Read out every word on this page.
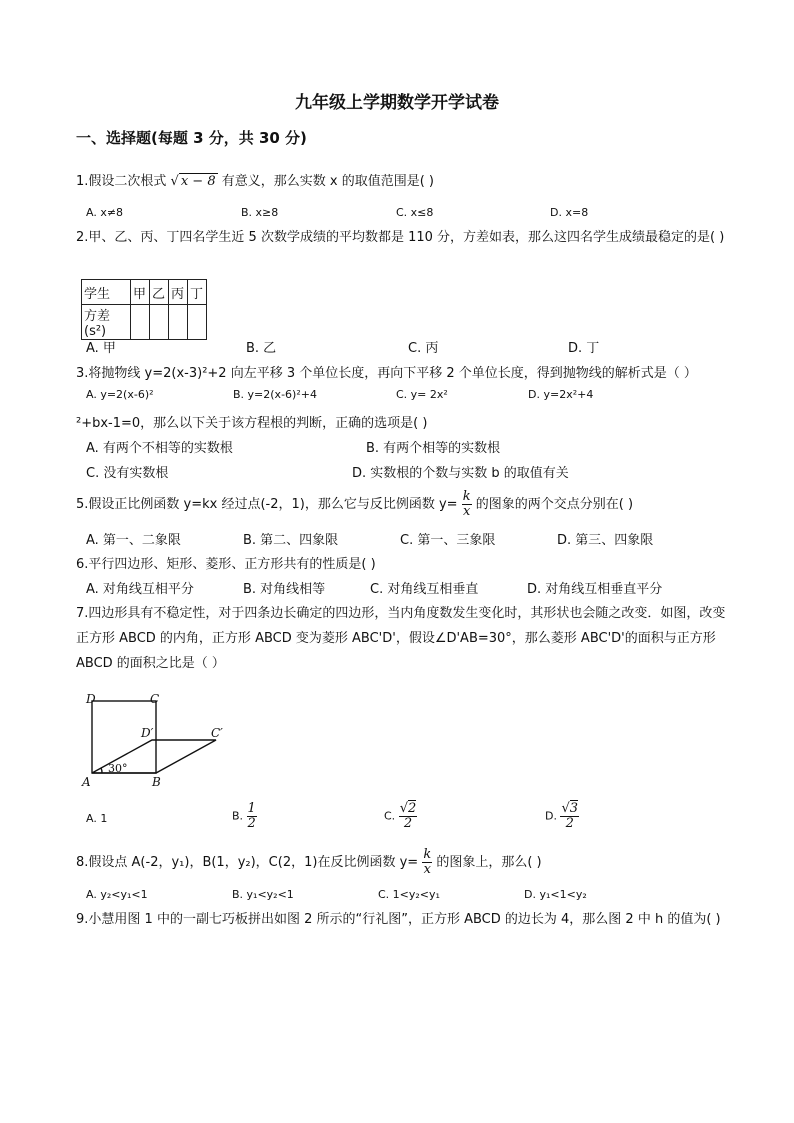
九年级上学期数学开学试卷
一、选择题(每题 3 分，共 30 分)
1.假设二次根式 √ x − 8 有意义，那么实数 x 的取值范围是( )
A. x≠8	B. x≥8	C. x≤8	D. x=8
2.甲、乙、丙、丁四名学生近 5 次数学成绩的平均数都是 110 分，方差如表，那么这四名学生成绩最稳定的是( )
学生	甲	乙	丙	丁
方差(s²)				
A. 甲	B. 乙	C. 丙	D. 丁
3.将抛物线 y=2(x-3)²+2 向左平移 3 个单位长度，再向下平移 2 个单位长度，得到抛物线的解析式是（ ）
A. y=2(x-6)²	B. y=2(x-6)²+4	C. y= 2x²	D. y=2x²+4
²+bx-1=0，那么以下关于该方程根的判断，正确的选项是( )
A. 有两个不相等的实数根	B. 有两个相等的实数根
C. 没有实数根	D. 实数根的个数与实数 b 的取值有关
5.假设正比例函数 y=kx 经过点(-2，1)，那么它与反比例函数 $y= \frac{k}{x}$ 的图象的两个交点分别在( )
A. 第一、二象限	B. 第二、四象限	C. 第一、三象限	D. 第三、四象限
6.平行四边形、矩形、菱形、正方形共有的性质是( )
A. 对角线互相平分	B. 对角线相等	C. 对角线互相垂直	D. 对角线互相垂直平分
7.四边形具有不稳定性，对于四条边长确定的四边形，当内角度数发生变化时，其形状也会随之改变．如图，改变正方形 ABCD 的内角，正方形 ABCD 变为菱形 ABC'D'，假设∠D'AB=30°，那么菱形 ABC'D'的面积与正方形 ABCD 的面积之比是（ ）
D	C
D′	C′
A	B
30°
A. 1	B. $\frac{1}{2}$	C. $\frac{√2}{2}$	D. $\frac{√3}{2}$
8.假设点 A(-2，y₁)，B(1，y₂)，C(2，1)在反比例函数 $y= \frac{k}{x}$ 的图象上，那么( )
A. y₂<y₁<1	B. y₁<y₂<1	C. 1<y₂<y₁	D. y₁<1<y₂
9.小慧用图 1 中的一副七巧板拼出如图 2 所示的“行礼图”，正方形 ABCD 的边长为 4，那么图 2 中 h 的值为( )
